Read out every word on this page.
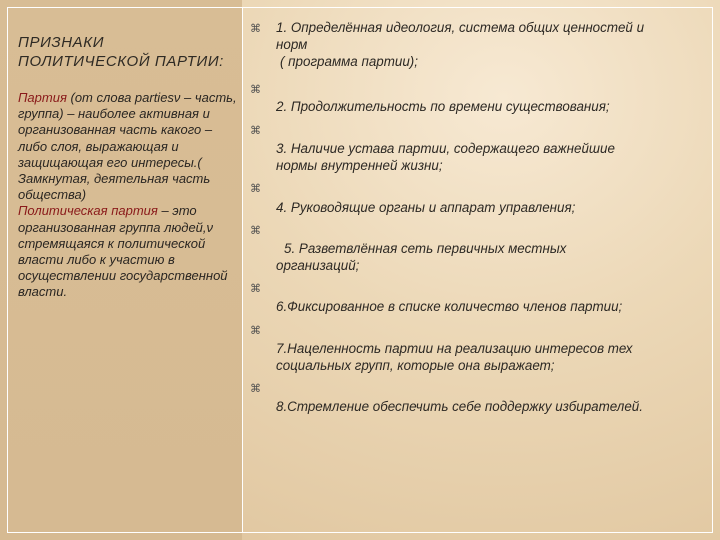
ПРИЗНАКИ
ПОЛИТИЧЕСКОЙ ПАРТИИ:

Партия (от слова partiesν – часть, группа) – наиболее активная и организованная часть какого – либо слоя, выражающая и защищающая его интересы.( Замкнутая, деятельная часть общества)
Политическая партия – это организованная группа людей,ν стремящаяся к политической власти либо к участию в осуществлении государственной власти.

⌘
⌘
⌘
⌘
⌘
⌘
⌘
⌘

1. Определённая идеология, система общих ценностей и
норм
( программа партии);

2. Продолжительность по времени существования;

3. Наличие устава партии, содержащего важнейшие
нормы внутренней жизни;

4. Руководящие органы и аппарат управления;

5. Разветвлённая сеть первичных местных
организаций;

6.Фиксированное в списке количество членов партии;

7.Нацеленность партии на реализацию интересов тех
социальных групп, которые она выражает;

8.Стремление обеспечить себе поддержку избирателей.
